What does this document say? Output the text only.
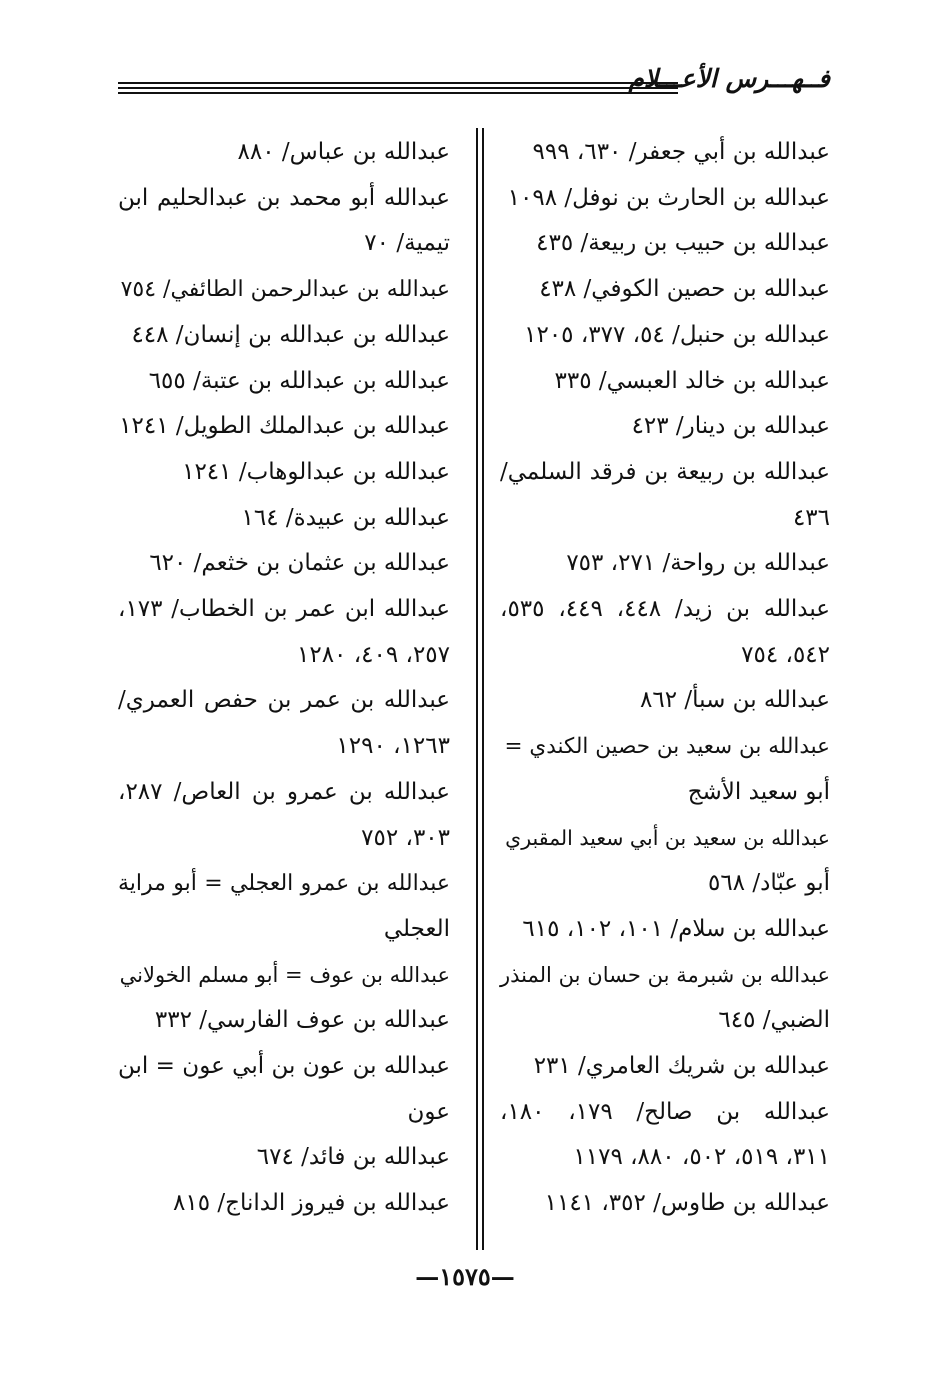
فــهـــرس الأعـــلام

عبدالله بن أبي جعفر/ ٦٣٠، ٩٩٩

عبدالله بن الحارث بن نوفل/ ١٠٩٨

عبدالله بن حبيب بن ربيعة/ ٤٣٥

عبدالله بن حصين الكوفي/ ٤٣٨

عبدالله بن حنبل/ ٥٤، ٣٧٧، ١٢٠٥

عبدالله بن خالد العبسي/ ٣٣٥

عبدالله بن دينار/ ٤٢٣

عبدالله بن ربيعة بن فرقد السلمي/

٤٣٦

عبدالله بن رواحة/ ٢٧١، ٧٥٣

عبدالله بن زيد/ ٤٤٨، ٤٤٩، ٥٣٥،

٥٤٢، ٧٥٤

عبدالله بن سبأ/ ٨٦٢

عبدالله بن سعيد بن حصين الكندي =

أبو سعيد الأشج

عبدالله بن سعيد بن أبي سعيد المقبري

أبو عبّاد/ ٥٦٨

عبدالله بن سلام/ ١٠١، ١٠٢، ٦١٥

عبدالله بن شبرمة بن حسان بن المنذر

الضبي/ ٦٤٥

عبدالله بن شريك العامري/ ٢٣١

عبدالله بن صالح/ ١٧٩، ١٨٠،

٣١١، ٥١٩، ٥٠٢، ٨٨٠، ١١٧٩

عبدالله بن طاوس/ ٣٥٢، ١١٤١

عبدالله بن عباس/ ٨٨٠

عبدالله أبو محمد بن عبدالحليم ابن

تيمية/ ٧٠

عبدالله بن عبدالرحمن الطائفي/ ٧٥٤

عبدالله بن عبدالله بن إنسان/ ٤٤٨

عبدالله بن عبدالله بن عتبة/ ٦٥٥

عبدالله بن عبدالملك الطويل/ ١٢٤١

عبدالله بن عبدالوهاب/ ١٢٤١

عبدالله بن عبيدة/ ١٦٤

عبدالله بن عثمان بن خثعم/ ٦٢٠

عبدالله ابن عمر بن الخطاب/ ١٧٣،

٢٥٧، ٤٠٩، ١٢٨٠

عبدالله بن عمر بن حفص العمري/

١٢٦٣، ١٢٩٠

عبدالله بن عمرو بن العاص/ ٢٨٧،

٣٠٣، ٧٥٢

عبدالله بن عمرو العجلي = أبو مراية

العجلي

عبدالله بن عوف = أبو مسلم الخولاني

عبدالله بن عوف الفارسي/ ٣٣٢

عبدالله بن عون بن أبي عون = ابن

عون

عبدالله بن فائد/ ٦٧٤

عبدالله بن فيروز الداناج/ ٨١٥

—١٥٧٥—
